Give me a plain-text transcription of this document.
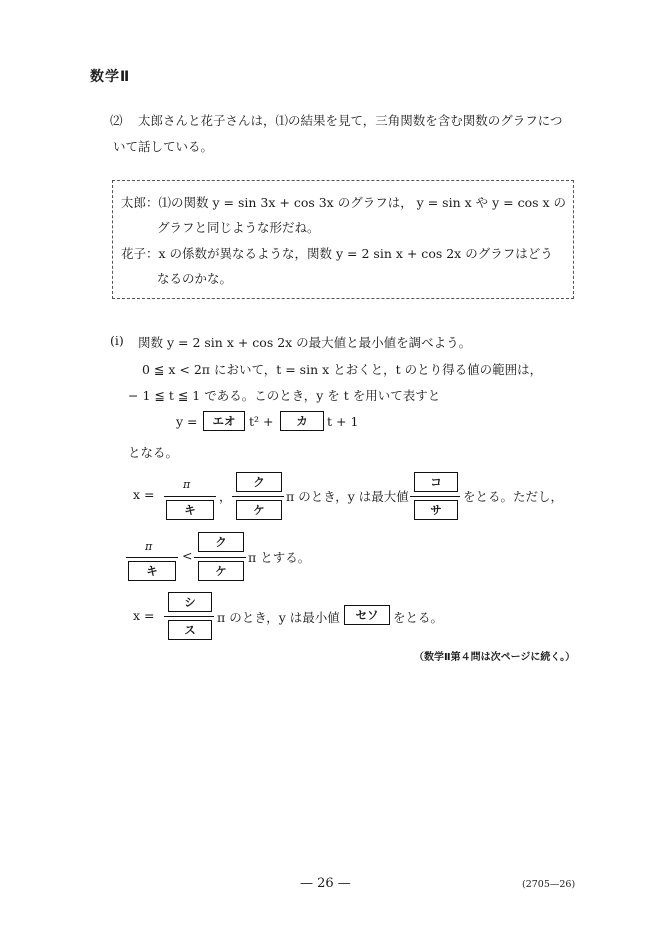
数学Ⅱ
⑵ 太郎さんと花子さんは，⑴の結果を見て，三角関数を含む関数のグラフにつ
いて話している。
太郎：⑴の関数 y = sin 3x + cos 3x のグラフは， y = sin x や y = cos x の
グラフと同じような形だね。
花子：x の係数が異なるような，関数 y = 2 sin x + cos 2x のグラフはどう
なるのかな。
(i) 関数 y = 2 sin x + cos 2x の最大値と最小値を調べよう。
0 ≦ x < 2π において，t = sin x とおくと，t のとり得る値の範囲は，
− 1 ≦ t ≦ 1 である。このとき，y を t を用いて表すと
y =	エオ	t² +	カ	t + 1
となる。
x =
π
キ
，
ク
ケ
π のとき，y は最大値
コ
サ
をとる。ただし，
π
キ
<
ク
ケ
π とする。
x =
シ
ス
π のとき，y は最小値	セソ	をとる。
（数学Ⅱ第４問は次ページに続く。）
— 26 —	(2705—26)
